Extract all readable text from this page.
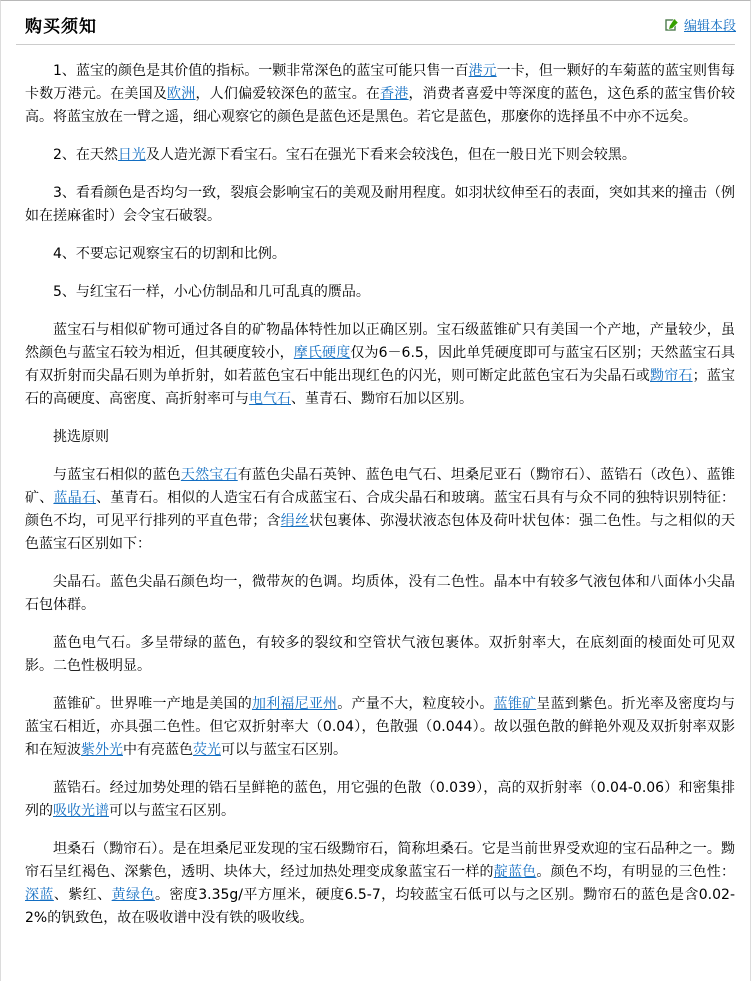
购买须知	编辑本段

1、蓝宝的颜色是其价值的指标。一颗非常深色的蓝宝可能只售一百港元一卡，但一颗好的车菊蓝的蓝宝则售每卡数万港元。在美国及欧洲，人们偏爱较深色的蓝宝。在香港，消费者喜爱中等深度的蓝色，这色系的蓝宝售价较高。将蓝宝放在一臂之遥，细心观察它的颜色是蓝色还是黑色。若它是蓝色，那麼你的选择虽不中亦不远矣。

2、在天然日光及人造光源下看宝石。宝石在强光下看来会较浅色，但在一般日光下则会较黑。

3、看看颜色是否均匀一致，裂痕会影响宝石的美观及耐用程度。如羽状纹伸至石的表面，突如其来的撞击（例如在搓麻雀时）会令宝石破裂。

4、不要忘记观察宝石的切割和比例。

5、与红宝石一样，小心仿制品和几可乱真的赝品。

蓝宝石与相似矿物可通过各自的矿物晶体特性加以正确区别。宝石级蓝锥矿只有美国一个产地，产量较少，虽然颜色与蓝宝石较为相近，但其硬度较小，摩氏硬度仅为6－6.5，因此单凭硬度即可与蓝宝石区别；天然蓝宝石具有双折射而尖晶石则为单折射，如若蓝色宝石中能出现红色的闪光，则可断定此蓝色宝石为尖晶石或黝帘石；蓝宝石的高硬度、高密度、高折射率可与电气石、堇青石、黝帘石加以区别。

挑选原则

与蓝宝石相似的蓝色天然宝石有蓝色尖晶石英钟、蓝色电气石、坦桑尼亚石（黝帘石）、蓝锆石（改色）、蓝锥矿、蓝晶石、堇青石。相似的人造宝石有合成蓝宝石、合成尖晶石和玻璃。蓝宝石具有与众不同的独特识别特征：颜色不均，可见平行排列的平直色带；含绢丝状包裹体、弥漫状液态包体及荷叶状包体：强二色性。与之相似的天色蓝宝石区别如下：

尖晶石。蓝色尖晶石颜色均一，微带灰的色调。均质体，没有二色性。晶本中有较多气液包体和八面体小尖晶石包体群。

蓝色电气石。多呈带绿的蓝色，有较多的裂纹和空管状气液包裹体。双折射率大，在底刻面的棱面处可见双影。二色性极明显。

蓝锥矿。世界唯一产地是美国的加利福尼亚州。产量不大，粒度较小。蓝锥矿呈蓝到紫色。折光率及密度均与蓝宝石相近，亦具强二色性。但它双折射率大（0.04），色散强（0.044）。故以强色散的鲜艳外观及双折射率双影和在短波紫外光中有亮蓝色荧光可以与蓝宝石区别。

蓝锆石。经过加势处理的锆石呈鲜艳的蓝色，用它强的色散（0.039），高的双折射率（0.04-0.06）和密集排列的吸收光谱可以与蓝宝石区别。

坦桑石（黝帘石）。是在坦桑尼亚发现的宝石级黝帘石，简称坦桑石。它是当前世界受欢迎的宝石品种之一。黝帘石呈红褐色、深紫色，透明、块体大，经过加热处理变成象蓝宝石一样的靛蓝色。颜色不均，有明显的三色性：深蓝、紫红、黄绿色。密度3.35g/平方厘米，硬度6.5-7，均较蓝宝石低可以与之区别。黝帘石的蓝色是含0.02-2%的钒致色，故在吸收谱中没有铁的吸收线。
